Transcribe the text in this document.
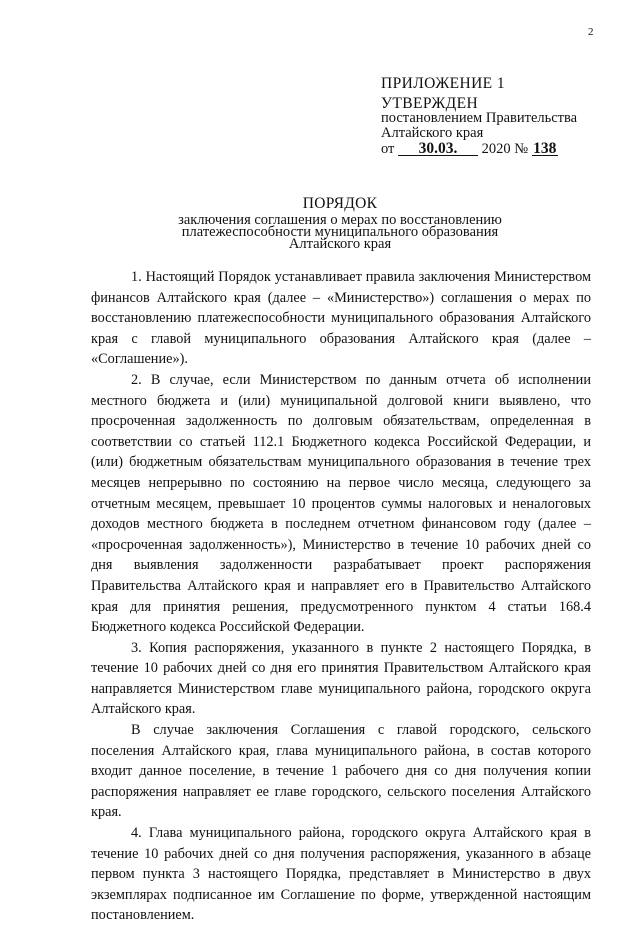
2
ПРИЛОЖЕНИЕ 1
УТВЕРЖДЕН
постановлением Правительства
Алтайского края
от 30.03. 2020 № 138
ПОРЯДОК
заключения соглашения о мерах по восстановлению
платежеспособности муниципального образования
Алтайского края

1. Настоящий Порядок устанавливает правила заключения Министерством финансов Алтайского края (далее – «Министерство») соглашения о мерах по восстановлению платежеспособности муниципального образования Алтайского края с главой муниципального образования Алтайского края (далее – «Соглашение»).

2. В случае, если Министерством по данным отчета об исполнении местного бюджета и (или) муниципальной долговой книги выявлено, что просроченная задолженность по долговым обязательствам, определенная в соответствии со статьей 112.1 Бюджетного кодекса Российской Федерации, и (или) бюджетным обязательствам муниципального образования в течение трех месяцев непрерывно по состоянию на первое число месяца, следующего за отчетным месяцем, превышает 10 процентов суммы налоговых и неналоговых доходов местного бюджета в последнем отчетном финансовом году (далее – «просроченная задолженность»), Министерство в течение 10 рабочих дней со дня выявления задолженности разрабатывает проект распоряжения Правительства Алтайского края и направляет его в Правительство Алтайского края для принятия решения, предусмотренного пунктом 4 статьи 168.4 Бюджетного кодекса Российской Федерации.

3. Копия распоряжения, указанного в пункте 2 настоящего Порядка, в течение 10 рабочих дней со дня его принятия Правительством Алтайского края направляется Министерством главе муниципального района, городского округа Алтайского края.

В случае заключения Соглашения с главой городского, сельского поселения Алтайского края, глава муниципального района, в состав которого входит данное поселение, в течение 1 рабочего дня со дня получения копии распоряжения направляет ее главе городского, сельского поселения Алтайского края.

4. Глава муниципального района, городского округа Алтайского края в течение 10 рабочих дней со дня получения распоряжения, указанного в абзаце первом пункта 3 настоящего Порядка, представляет в Министерство в двух экземплярах подписанное им Соглашение по форме, утвержденной настоящим постановлением.
